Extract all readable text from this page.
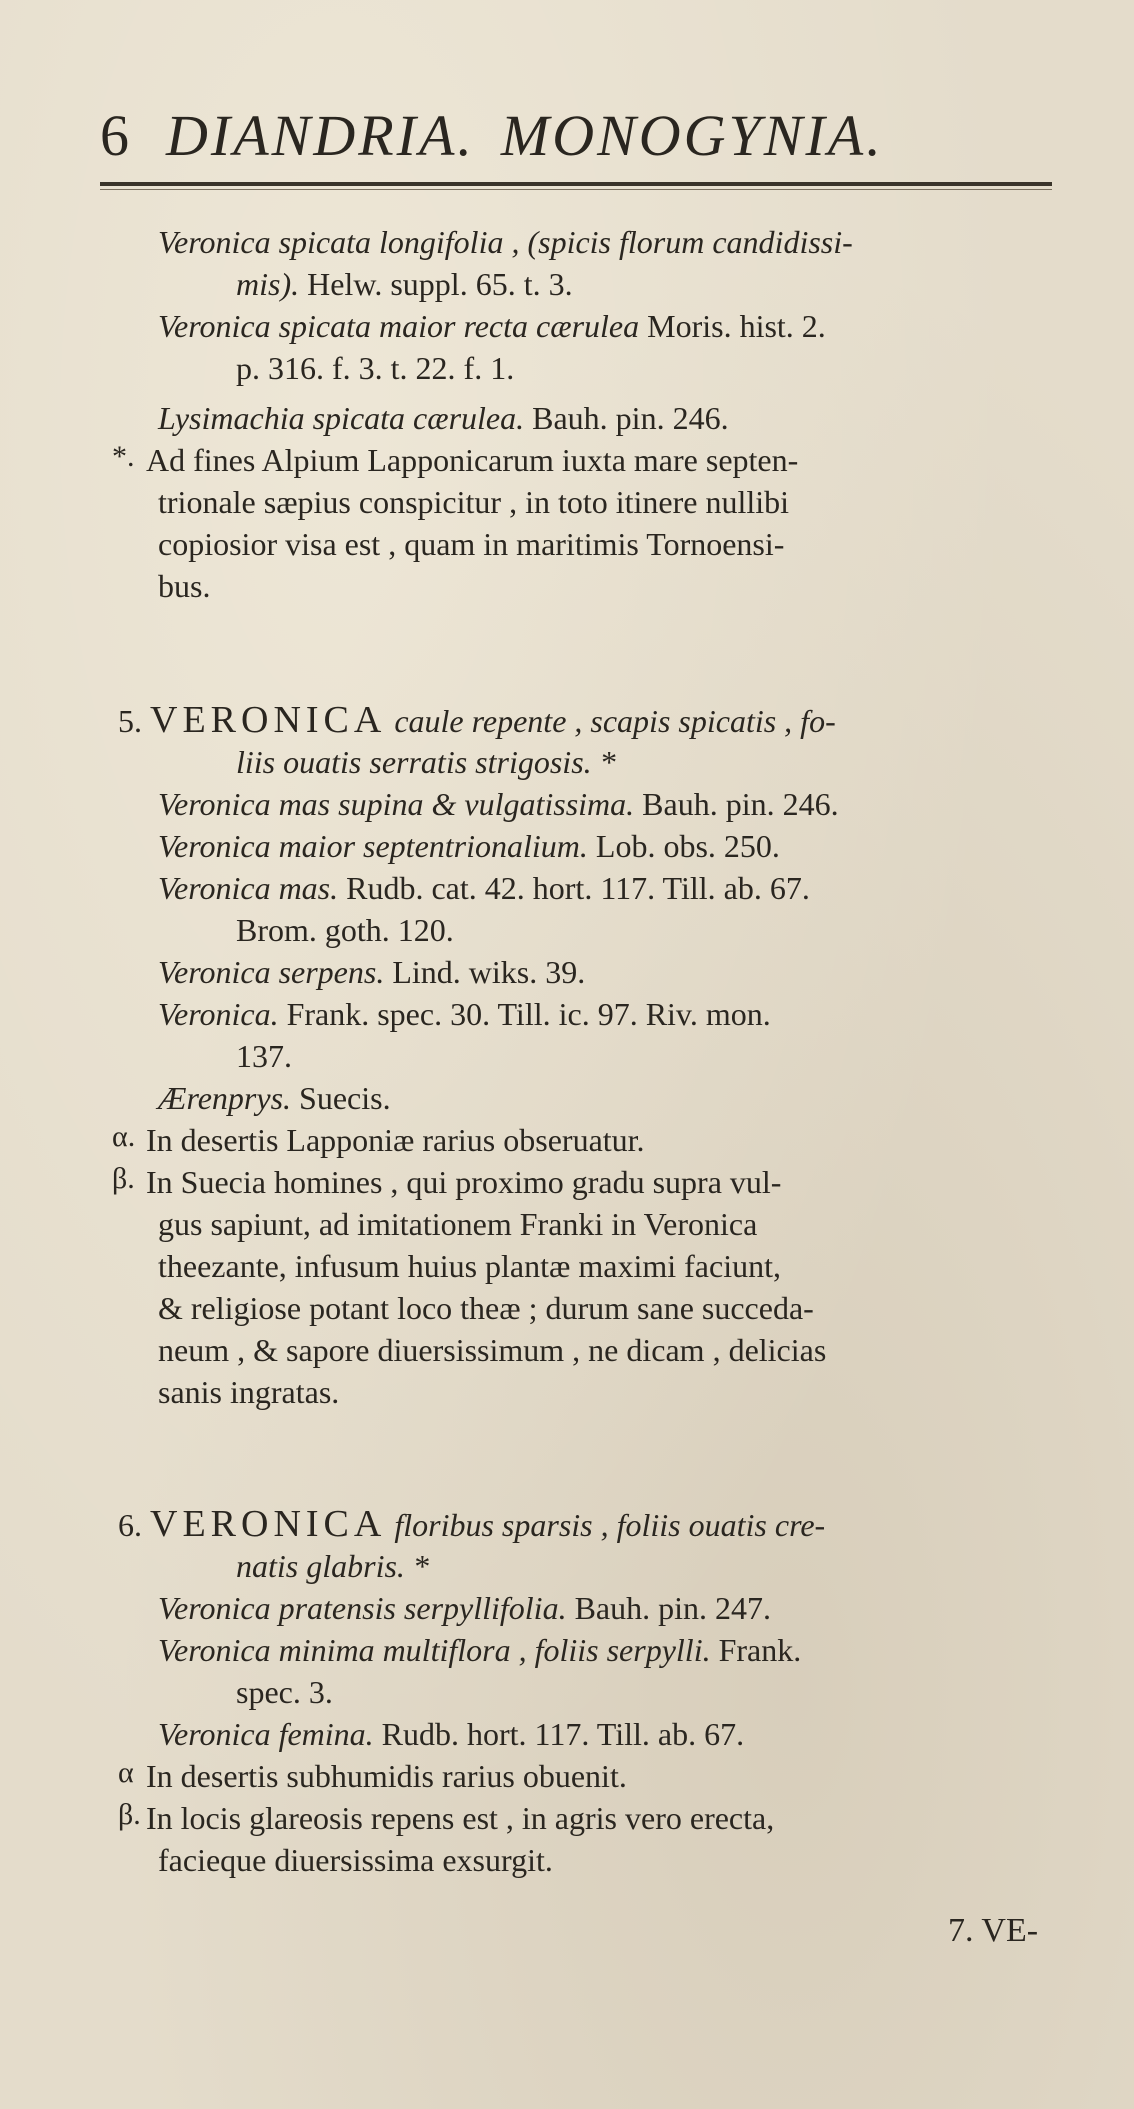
6 DIANDRIA. MONOGYNIA.
Veronica spicata longifolia , (spicis florum candidissi-
mis). Helw. suppl. 65. t. 3.
Veronica spicata maior recta cærulea Moris. hist. 2.
p. 316. f. 3. t. 22. f. 1.
Lysimachia spicata cærulea. Bauh. pin. 246.
*. Ad fines Alpium Lapponicarum iuxta mare septen-
trionale sæpius conspicitur , in toto itinere nullibi
copiosior visa est , quam in maritimis Tornoensi-
bus.
5. VERONICA caule repente , scapis spicatis , fo-
liis ouatis serratis strigosis. *
Veronica mas supina & vulgatissima. Bauh. pin. 246.
Veronica maior septentrionalium. Lob. obs. 250.
Veronica mas. Rudb. cat. 42. hort. 117. Till. ab. 67.
Brom. goth. 120.
Veronica serpens. Lind. wiks. 39.
Veronica. Frank. spec. 30. Till. ic. 97. Riv. mon.
137.
Ærenprys. Suecis.
α. In desertis Lapponiæ rarius obseruatur.
β. In Suecia homines , qui proximo gradu supra vul-
gus sapiunt, ad imitationem Franki in Veronica
theezante, infusum huius plantæ maximi faciunt,
& religiose potant loco theæ ; durum sane succeda-
neum , & sapore diuersissimum , ne dicam , delicias
sanis ingratas.
6. VERONICA floribus sparsis , foliis ouatis cre-
natis glabris. *
Veronica pratensis serpyllifolia. Bauh. pin. 247.
Veronica minima multiflora , foliis serpylli. Frank.
spec. 3.
Veronica femina. Rudb. hort. 117. Till. ab. 67.
α In desertis subhumidis rarius obuenit.
β. In locis glareosis repens est , in agris vero erecta,
facieque diuersissima exsurgit.
7. VE-
